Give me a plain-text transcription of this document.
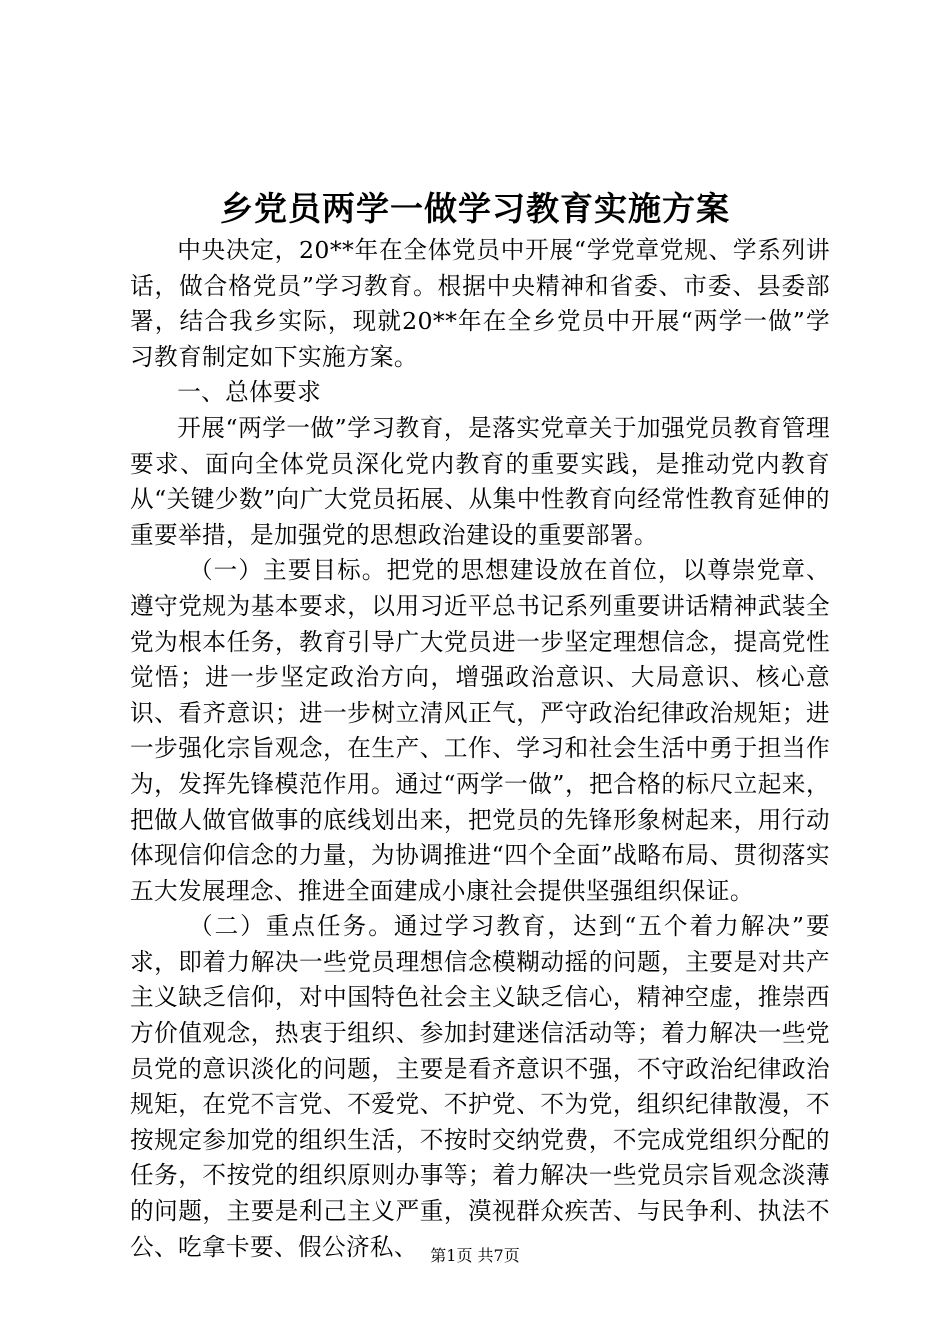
乡党员两学一做学习教育实施方案

中央决定，20**年在全体党员中开展“学党章党规、学系列讲话，做合格党员”学习教育。根据中央精神和省委、市委、县委部署，结合我乡实际，现就20**年在全乡党员中开展“两学一做”学习教育制定如下实施方案。

一、总体要求

开展“两学一做”学习教育，是落实党章关于加强党员教育管理要求、面向全体党员深化党内教育的重要实践，是推动党内教育从“关键少数”向广大党员拓展、从集中性教育向经常性教育延伸的重要举措，是加强党的思想政治建设的重要部署。

（一）主要目标。把党的思想建设放在首位，以尊崇党章、遵守党规为基本要求，以用习近平总书记系列重要讲话精神武装全党为根本任务，教育引导广大党员进一步坚定理想信念，提高党性觉悟；进一步坚定政治方向，增强政治意识、大局意识、核心意识、看齐意识；进一步树立清风正气，严守政治纪律政治规矩；进一步强化宗旨观念，在生产、工作、学习和社会生活中勇于担当作为，发挥先锋模范作用。通过“两学一做”，把合格的标尺立起来，把做人做官做事的底线划出来，把党员的先锋形象树起来，用行动体现信仰信念的力量，为协调推进“四个全面”战略布局、贯彻落实五大发展理念、推进全面建成小康社会提供坚强组织保证。

（二）重点任务。通过学习教育，达到“五个着力解决”要求，即着力解决一些党员理想信念模糊动摇的问题，主要是对共产主义缺乏信仰，对中国特色社会主义缺乏信心，精神空虚，推崇西方价值观念，热衷于组织、参加封建迷信活动等；着力解决一些党员党的意识淡化的问题，主要是看齐意识不强，不守政治纪律政治规矩，在党不言党、不爱党、不护党、不为党，组织纪律散漫，不按规定参加党的组织生活，不按时交纳党费，不完成党组织分配的任务，不按党的组织原则办事等；着力解决一些党员宗旨观念淡薄的问题，主要是利己主义严重，漠视群众疾苦、与民争利、执法不公、吃拿卡要、假公济私、 第1页 共7页
